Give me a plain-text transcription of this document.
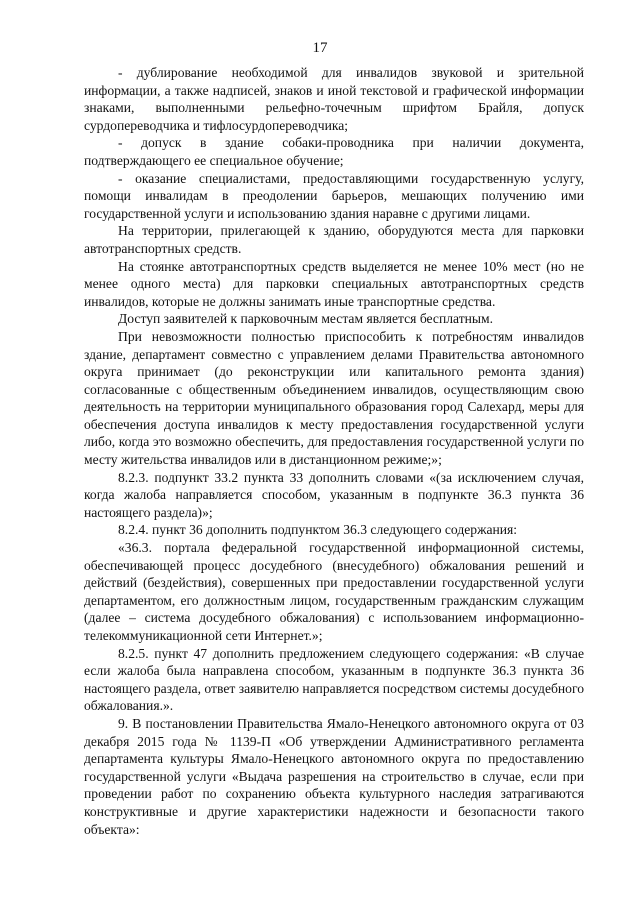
17

- дублирование необходимой для инвалидов звуковой и зрительной информации, а также надписей, знаков и иной текстовой и графической информации знаками, выполненными рельефно-точечным шрифтом Брайля, допуск сурдопереводчика и тифлосурдопереводчика;

- допуск в здание собаки-проводника при наличии документа, подтверждающего ее специальное обучение;

- оказание специалистами, предоставляющими государственную услугу, помощи инвалидам в преодолении барьеров, мешающих получению ими государственной услуги и использованию здания наравне с другими лицами.

На территории, прилегающей к зданию, оборудуются места для парковки автотранспортных средств.

На стоянке автотранспортных средств выделяется не менее 10% мест (но не менее одного места) для парковки специальных автотранспортных средств инвалидов, которые не должны занимать иные транспортные средства.

Доступ заявителей к парковочным местам является бесплатным.

При невозможности полностью приспособить к потребностям инвалидов здание, департамент совместно с управлением делами Правительства автономного округа принимает (до реконструкции или капитального ремонта здания) согласованные с общественным объединением инвалидов, осуществляющим свою деятельность на территории муниципального образования город Салехард, меры для обеспечения доступа инвалидов к месту предоставления государственной услуги либо, когда это возможно обеспечить, для предоставления государственной услуги по месту жительства инвалидов или в дистанционном режиме;»;

8.2.3. подпункт 33.2 пункта 33 дополнить словами «(за исключением случая, когда жалоба направляется способом, указанным в подпункте 36.3 пункта 36 настоящего раздела)»;

8.2.4. пункт 36 дополнить подпунктом 36.3 следующего содержания:

«36.3. портала федеральной государственной информационной системы, обеспечивающей процесс досудебного (внесудебного) обжалования решений и действий (бездействия), совершенных при предоставлении государственной услуги департаментом, его должностным лицом, государственным гражданским служащим (далее – система досудебного обжалования) с использованием информационно-телекоммуникационной сети Интернет.»;

8.2.5. пункт 47 дополнить предложением следующего содержания: «В случае если жалоба была направлена способом, указанным в подпункте 36.3 пункта 36 настоящего раздела, ответ заявителю направляется посредством системы досудебного обжалования.».

9. В постановлении Правительства Ямало-Ненецкого автономного округа от 03 декабря 2015 года № 1139-П «Об утверждении Административного регламента департамента культуры Ямало-Ненецкого автономного округа по предоставлению государственной услуги «Выдача разрешения на строительство в случае, если при проведении работ по сохранению объекта культурного наследия затрагиваются конструктивные и другие характеристики надежности и безопасности такого объекта»:
